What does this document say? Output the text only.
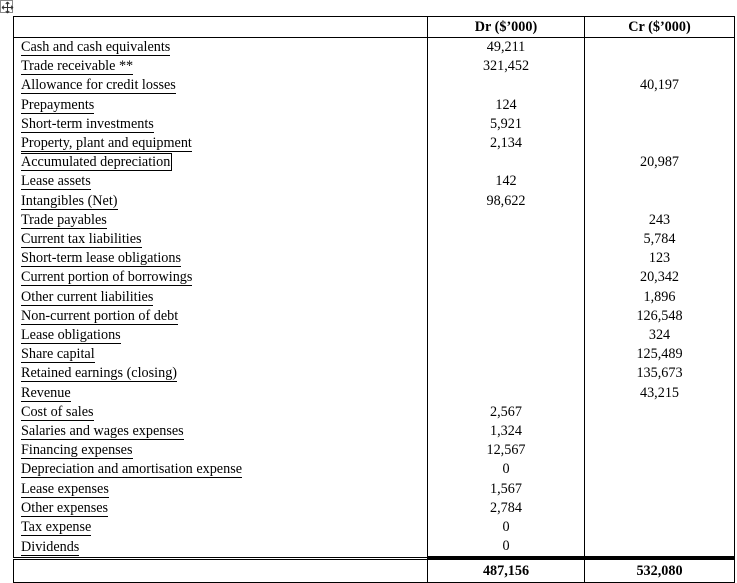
	Dr ($’000)	Cr ($’000)
Cash and cash equivalents	49,211	
Trade receivable **	321,452	
Allowance for credit losses		40,197
Prepayments	124	
Short-term investments	5,921	
Property, plant and equipment	2,134	
Accumulated depreciation		20,987
Lease assets	142	
Intangibles (Net)	98,622	
Trade payables		243
Current tax liabilities		5,784
Short-term lease obligations		123
Current portion of borrowings		20,342
Other current liabilities		1,896
Non-current portion of debt		126,548
Lease obligations		324
Share capital		125,489
Retained earnings (closing)		135,673
Revenue		43,215
Cost of sales	2,567	
Salaries and wages expenses	1,324	
Financing expenses	12,567	
Depreciation and amortisation expense	0	
Lease expenses	1,567	
Other expenses	2,784	
Tax expense	0	
Dividends	0	
	487,156	532,080
